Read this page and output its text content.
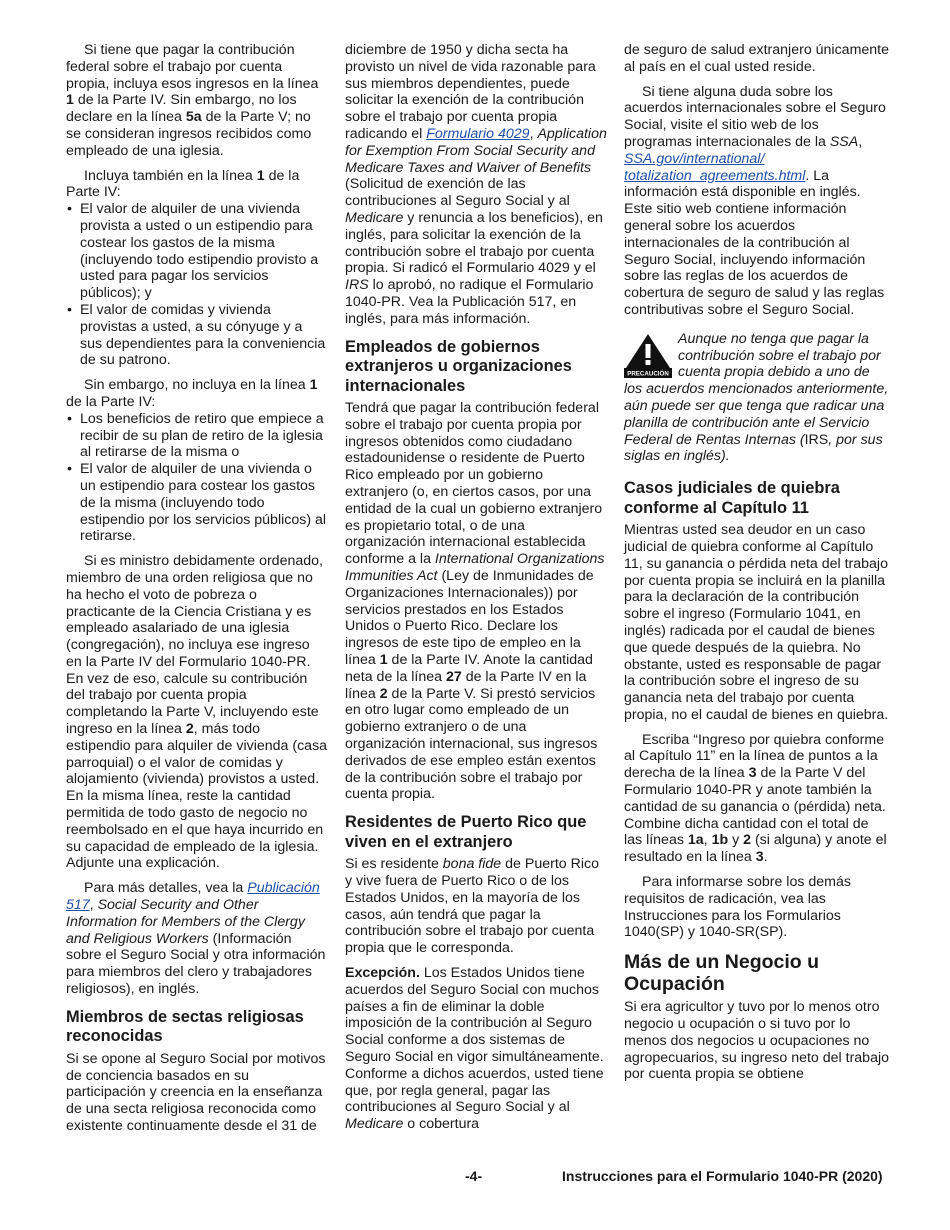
Si tiene que pagar la contribución federal sobre el trabajo por cuenta propia, incluya esos ingresos en la línea 1 de la Parte IV. Sin embargo, no los declare en la línea 5a de la Parte V; no se consideran ingresos recibidos como empleado de una iglesia.

Incluya también en la línea 1 de la Parte IV:

• El valor de alquiler de una vivienda provista a usted o un estipendio para costear los gastos de la misma (incluyendo todo estipendio provisto a usted para pagar los servicios públicos); y

• El valor de comidas y vivienda provistas a usted, a su cónyuge y a sus dependientes para la conveniencia de su patrono.

Sin embargo, no incluya en la línea 1 de la Parte IV:

• Los beneficios de retiro que empiece a recibir de su plan de retiro de la iglesia al retirarse de la misma o

• El valor de alquiler de una vivienda o un estipendio para costear los gastos de la misma (incluyendo todo estipendio por los servicios públicos) al retirarse.

Si es ministro debidamente ordenado, miembro de una orden religiosa que no ha hecho el voto de pobreza o practicante de la Ciencia Cristiana y es empleado asalariado de una iglesia (congregación), no incluya ese ingreso en la Parte IV del Formulario 1040-PR. En vez de eso, calcule su contribución del trabajo por cuenta propia completando la Parte V, incluyendo este ingreso en la línea 2, más todo estipendio para alquiler de vivienda (casa parroquial) o el valor de comidas y alojamiento (vivienda) provistos a usted. En la misma línea, reste la cantidad permitida de todo gasto de negocio no reembolsado en el que haya incurrido en su capacidad de empleado de la iglesia. Adjunte una explicación.

Para más detalles, vea la Publicación 517, Social Security and Other Information for Members of the Clergy and Religious Workers (Información sobre el Seguro Social y otra información para miembros del clero y trabajadores religiosos), en inglés.

Miembros de sectas religiosas reconocidas

Si se opone al Seguro Social por motivos de conciencia basados en su participación y creencia en la enseñanza de una secta religiosa reconocida como existente continuamente desde el 31 de

diciembre de 1950 y dicha secta ha provisto un nivel de vida razonable para sus miembros dependientes, puede solicitar la exención de la contribución sobre el trabajo por cuenta propia radicando el Formulario 4029, Application for Exemption From Social Security and Medicare Taxes and Waiver of Benefits (Solicitud de exención de las contribuciones al Seguro Social y al Medicare y renuncia a los beneficios), en inglés, para solicitar la exención de la contribución sobre el trabajo por cuenta propia. Si radicó el Formulario 4029 y el IRS lo aprobó, no radique el Formulario 1040-PR. Vea la Publicación 517, en inglés, para más información.

Empleados de gobiernos extranjeros u organizaciones internacionales

Tendrá que pagar la contribución federal sobre el trabajo por cuenta propia por ingresos obtenidos como ciudadano estadounidense o residente de Puerto Rico empleado por un gobierno extranjero (o, en ciertos casos, por una entidad de la cual un gobierno extranjero es propietario total, o de una organización internacional establecida conforme a la International Organizations Immunities Act (Ley de Inmunidades de Organizaciones Internacionales)) por servicios prestados en los Estados Unidos o Puerto Rico. Declare los ingresos de este tipo de empleo en la línea 1 de la Parte IV. Anote la cantidad neta de la línea 27 de la Parte IV en la línea 2 de la Parte V. Si prestó servicios en otro lugar como empleado de un gobierno extranjero o de una organización internacional, sus ingresos derivados de ese empleo están exentos de la contribución sobre el trabajo por cuenta propia.

Residentes de Puerto Rico que viven en el extranjero

Si es residente bona fide de Puerto Rico y vive fuera de Puerto Rico o de los Estados Unidos, en la mayoría de los casos, aún tendrá que pagar la contribución sobre el trabajo por cuenta propia que le corresponda.

Excepción. Los Estados Unidos tiene acuerdos del Seguro Social con muchos países a fin de eliminar la doble imposición de la contribución al Seguro Social conforme a dos sistemas de Seguro Social en vigor simultáneamente. Conforme a dichos acuerdos, usted tiene que, por regla general, pagar las contribuciones al Seguro Social y al Medicare o cobertura

de seguro de salud extranjero únicamente al país en el cual usted reside.

Si tiene alguna duda sobre los acuerdos internacionales sobre el Seguro Social, visite el sitio web de los programas internacionales de la SSA, SSA.gov/international/ totalization_agreements.html. La información está disponible en inglés. Este sitio web contiene información general sobre los acuerdos internacionales de la contribución al Seguro Social, incluyendo información sobre las reglas de los acuerdos de cobertura de seguro de salud y las reglas contributivas sobre el Seguro Social.

PRECAUCIÓN

Aunque no tenga que pagar la contribución sobre el trabajo por cuenta propia debido a uno de los acuerdos mencionados anteriormente, aún puede ser que tenga que radicar una planilla de contribución ante el Servicio Federal de Rentas Internas (IRS, por sus siglas en inglés).

Casos judiciales de quiebra conforme al Capítulo 11

Mientras usted sea deudor en un caso judicial de quiebra conforme al Capítulo 11, su ganancia o pérdida neta del trabajo por cuenta propia se incluirá en la planilla para la declaración de la contribución sobre el ingreso (Formulario 1041, en inglés) radicada por el caudal de bienes que quede después de la quiebra. No obstante, usted es responsable de pagar la contribución sobre el ingreso de su ganancia neta del trabajo por cuenta propia, no el caudal de bienes en quiebra.

Escriba “Ingreso por quiebra conforme al Capítulo 11” en la línea de puntos a la derecha de la línea 3 de la Parte V del Formulario 1040-PR y anote también la cantidad de su ganancia o (pérdida) neta. Combine dicha cantidad con el total de las líneas 1a, 1b y 2 (si alguna) y anote el resultado en la línea 3.

Para informarse sobre los demás requisitos de radicación, vea las Instrucciones para los Formularios 1040(SP) y 1040-SR(SP).

Más de un Negocio u Ocupación

Si era agricultor y tuvo por lo menos otro negocio u ocupación o si tuvo por lo menos dos negocios u ocupaciones no agropecuarios, su ingreso neto del trabajo por cuenta propia se obtiene

-4-	Instrucciones para el Formulario 1040-PR (2020)
